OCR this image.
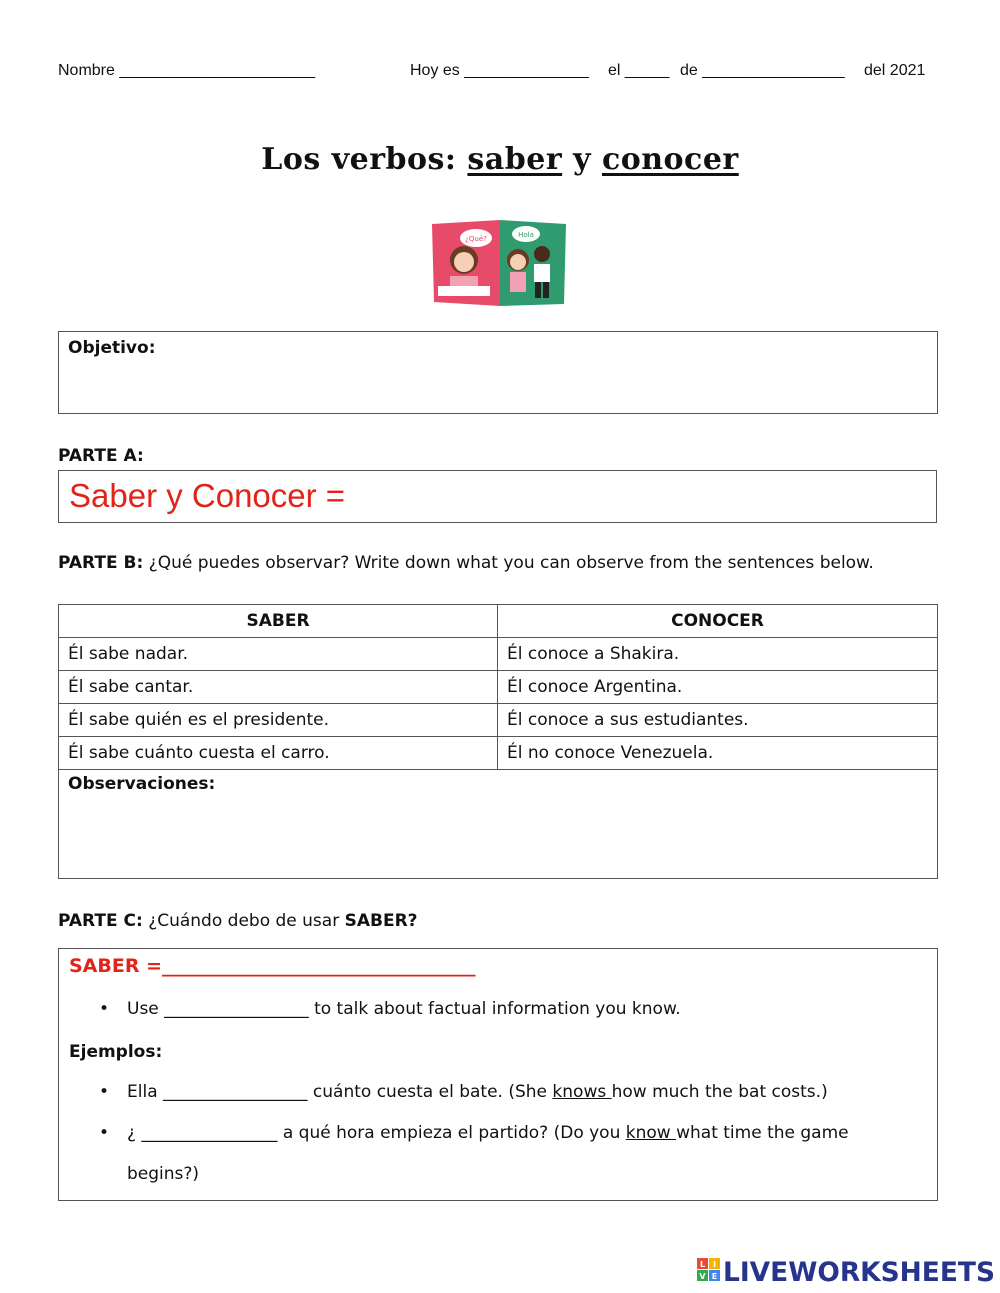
Nombre ______________________	Hoy es ______________ el _____ de ________________ del 2021
Los verbos: saber y conocer
¿Qué?	Hola
Objetivo:
PARTE A:
Saber y Conocer =
PARTE B: ¿Qué puedes observar? Write down what you can observe from the sentences below.
SABER	CONOCER
Él sabe nadar.	Él conoce a Shakira.
Él sabe cantar.	Él conoce Argentina.
Él sabe quién es el presidente.	Él conoce a sus estudiantes.
Él sabe cuánto cuesta el carro.	Él no conoce Venezuela.
Observaciones:	
PARTE C: ¿Cuándo debo de usar SABER?
SABER =_________________________________
• Use _________________ to talk about factual information you know.
Ejemplos:
• Ella _________________ cuánto cuesta el bate. (She knows how much the bat costs.)
• ¿ ________________ a qué hora empieza el partido? (Do you know what time the game
begins?)
L I
V E LIVEWORKSHEETS
